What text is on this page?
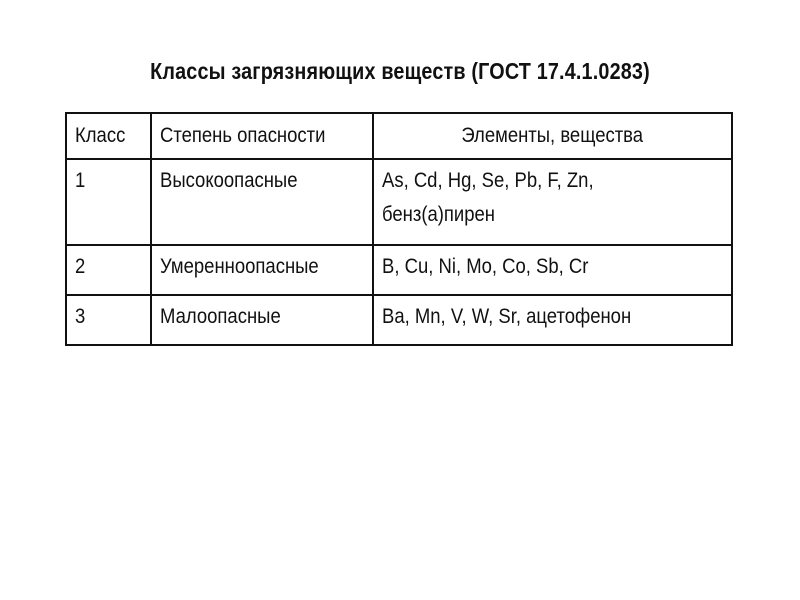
Классы загрязняющих веществ (ГОСТ 17.4.1.0283)
Класс	Степень опасности	Элементы, вещества
1	Высокоопасные	As, Cd, Hg, Se, Pb, F, Zn,
бенз(а)пирен

2	Умеренноопасные	B, Cu, Ni, Mo, Co, Sb, Cr
3	Малоопасные	Ba, Mn, V, W, Sr, ацетофенон
